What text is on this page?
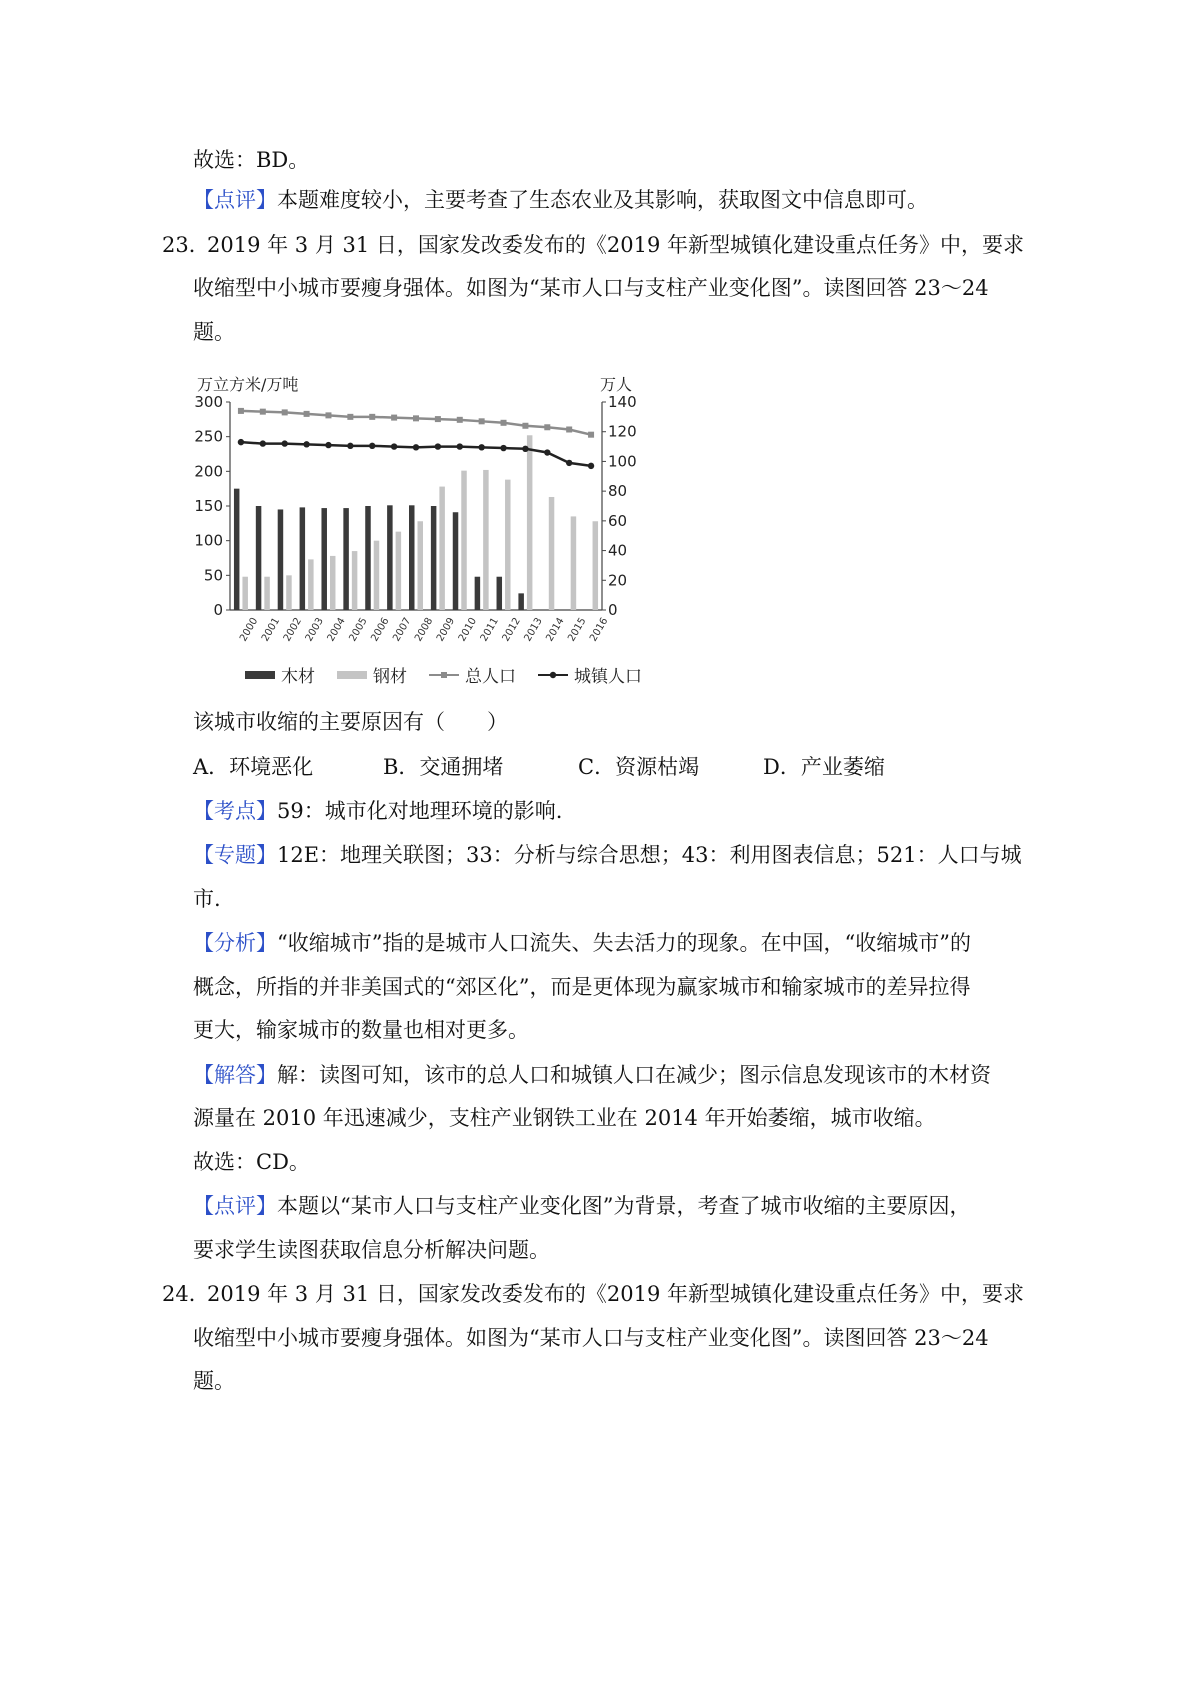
故选：BD。
【点评】本题难度较小，主要考查了生态农业及其影响，获取图文中信息即可。
23．
2019 年 3 月 31 日，国家发改委发布的《2019 年新型城镇化建设重点任务》中，要求
收缩型中小城市要瘦身强体。如图为“某市人口与支柱产业变化图”。读图回答 23～24
题。
万立方米/万吨	万人
0
50
100
150
200
250
300
0
20
40
60
80
100
120
140
2000 2001 2002 2003 2004 2005 2006 2007 2008 2009 2010 2011 2012 2013 2014 2015 2016
木材	钢材	总人口	城镇人口
该城市收缩的主要原因有（　　）
A．环境恶化	B．交通拥堵	C．资源枯竭	D．产业萎缩
【考点】59：城市化对地理环境的影响.
【专题】12E：地理关联图；33：分析与综合思想；43：利用图表信息；521：人口与城
市.
【分析】“收缩城市”指的是城市人口流失、失去活力的现象。在中国，“收缩城市”的
概念，所指的并非美国式的“郊区化”，而是更体现为赢家城市和输家城市的差异拉得
更大，输家城市的数量也相对更多。
【解答】解：读图可知，该市的总人口和城镇人口在减少；图示信息发现该市的木材资
源量在 2010 年迅速减少，支柱产业钢铁工业在 2014 年开始萎缩，城市收缩。
故选：CD。
【点评】本题以“某市人口与支柱产业变化图”为背景，考查了城市收缩的主要原因，
要求学生读图获取信息分析解决问题。
24．
2019 年 3 月 31 日，国家发改委发布的《2019 年新型城镇化建设重点任务》中，要求
收缩型中小城市要瘦身强体。如图为“某市人口与支柱产业变化图”。读图回答 23～24
题。
